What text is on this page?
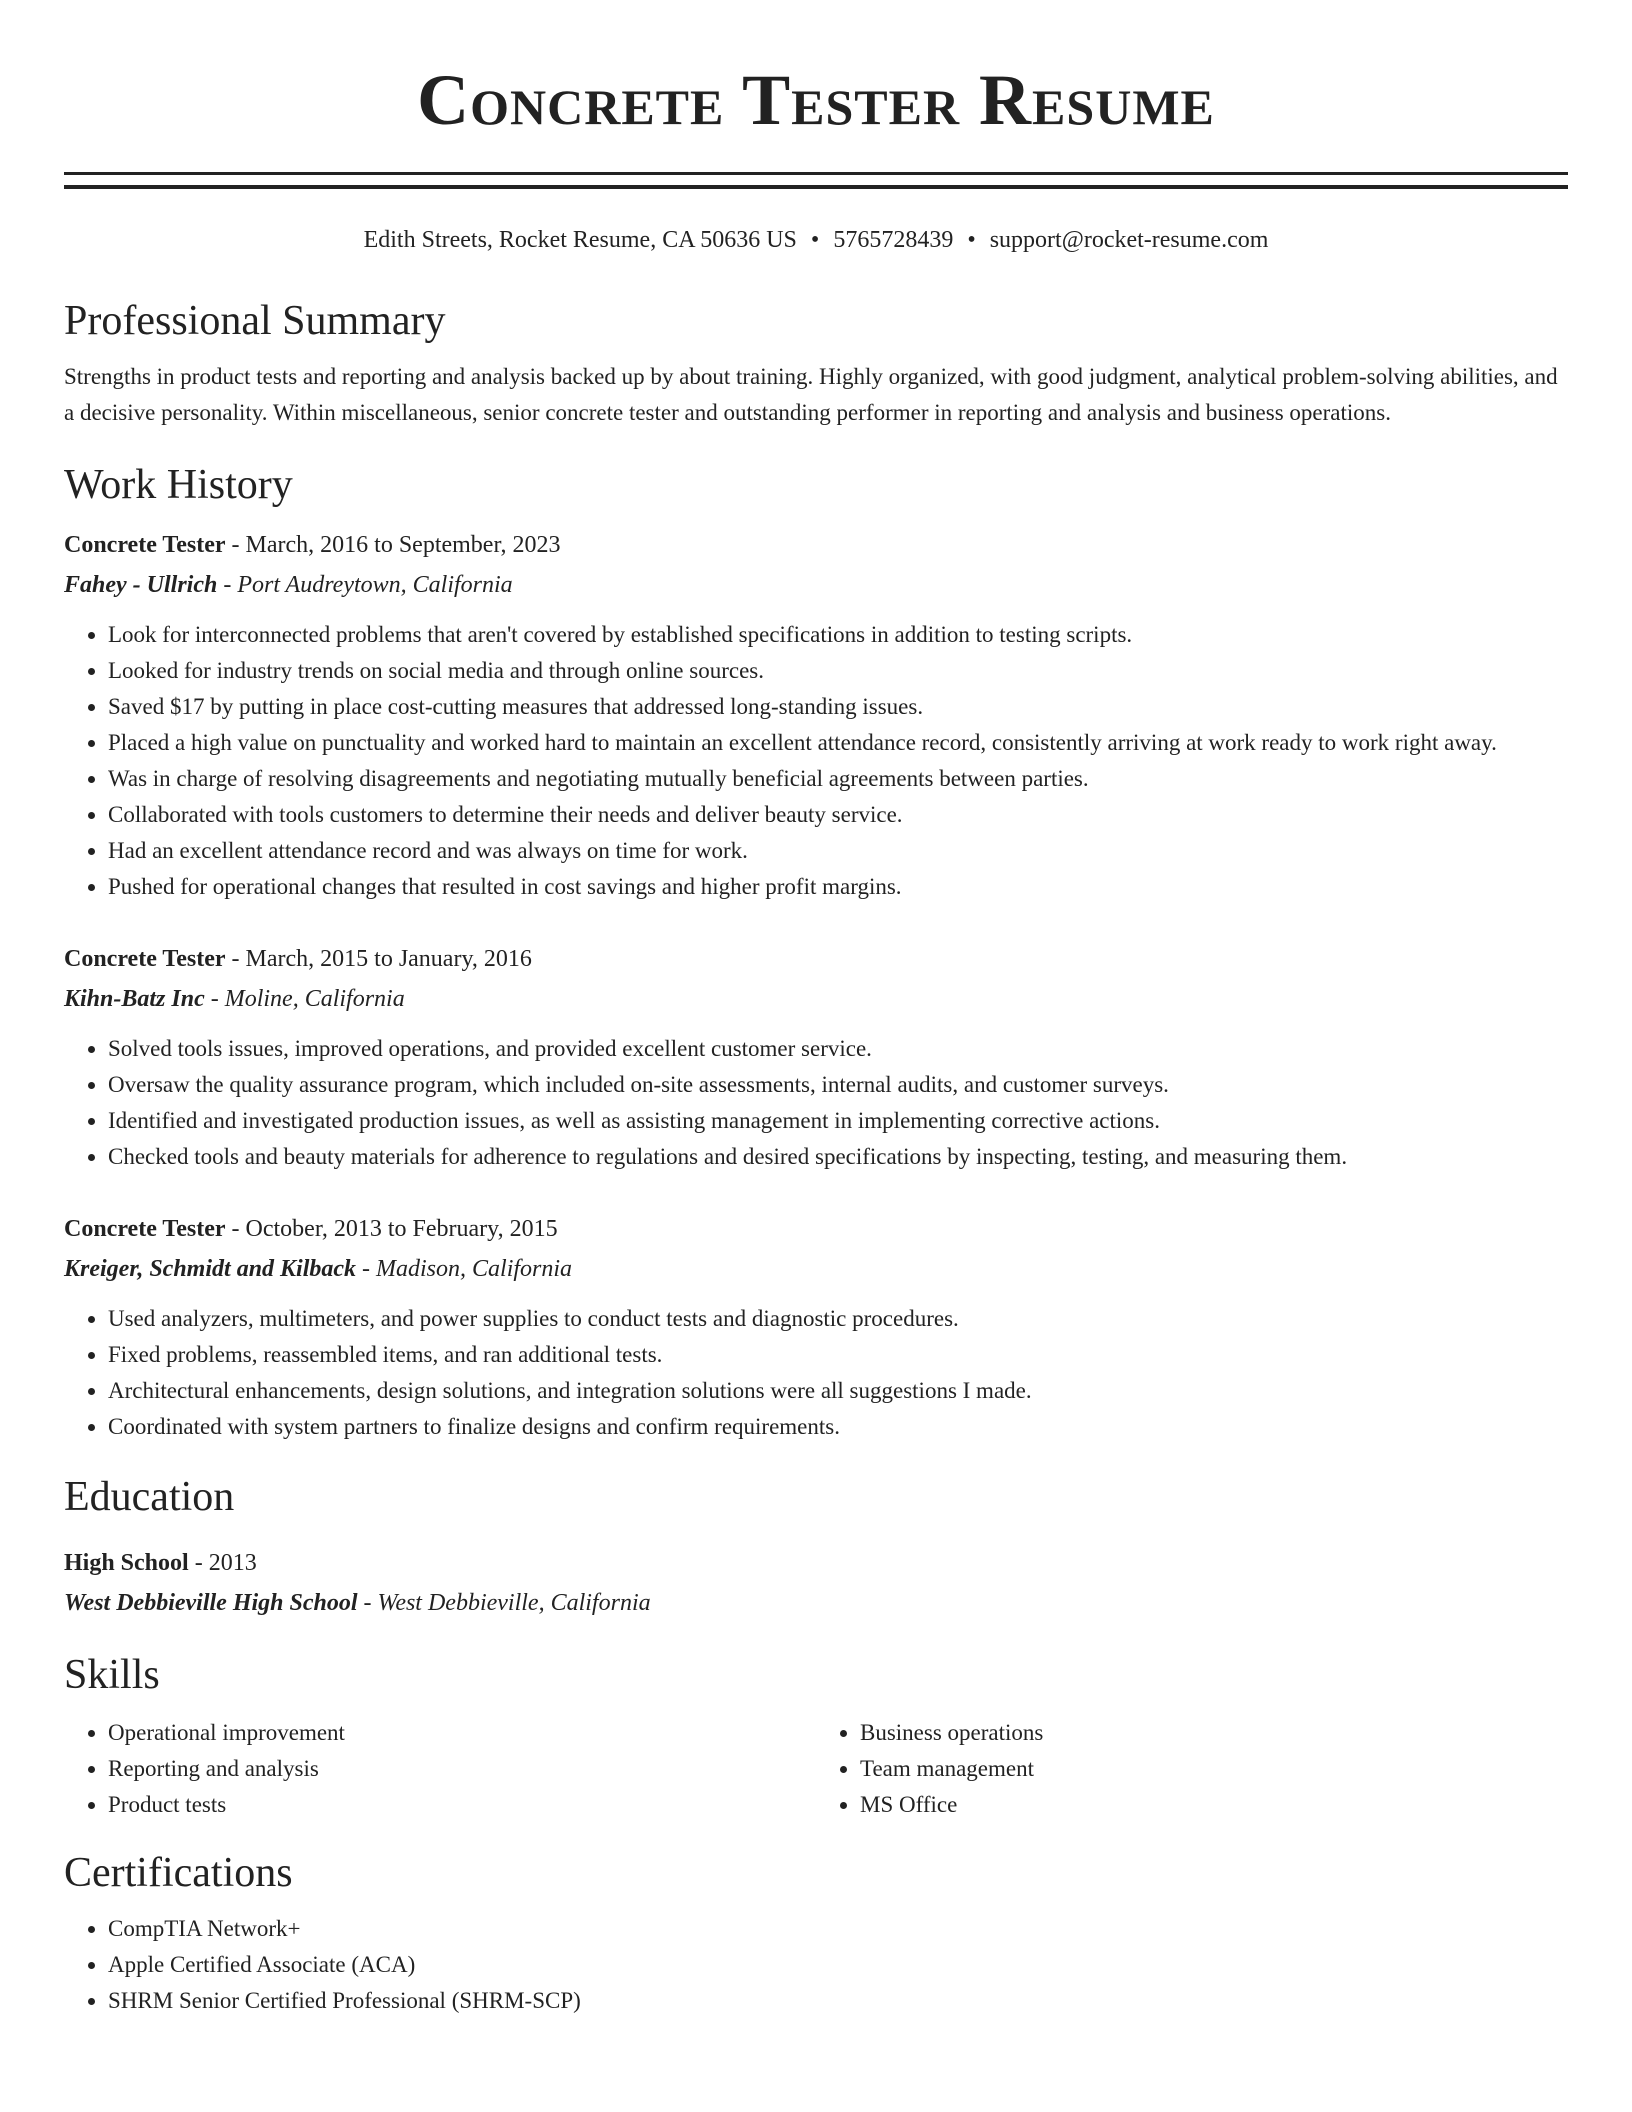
Concrete Tester Resume
Edith Streets, Rocket Resume, CA 50636 US • 5765728439 • support@rocket-resume.com
Professional Summary

Strengths in product tests and reporting and analysis backed up by about training. Highly organized, with good judgment, analytical problem-solving abilities, and a decisive personality. Within miscellaneous, senior concrete tester and outstanding performer in reporting and analysis and business operations.

Work History
Concrete Tester - March, 2016 to September, 2023
Fahey - Ullrich - Port Audreytown, California
• Look for interconnected problems that aren't covered by established specifications in addition to testing scripts.
• Looked for industry trends on social media and through online sources.
• Saved $17 by putting in place cost-cutting measures that addressed long-standing issues.
• Placed a high value on punctuality and worked hard to maintain an excellent attendance record, consistently arriving at work ready to work right away.
• Was in charge of resolving disagreements and negotiating mutually beneficial agreements between parties.
• Collaborated with tools customers to determine their needs and deliver beauty service.
• Had an excellent attendance record and was always on time for work.
• Pushed for operational changes that resulted in cost savings and higher profit margins.
Concrete Tester - March, 2015 to January, 2016
Kihn-Batz Inc - Moline, California
• Solved tools issues, improved operations, and provided excellent customer service.
• Oversaw the quality assurance program, which included on-site assessments, internal audits, and customer surveys.
• Identified and investigated production issues, as well as assisting management in implementing corrective actions.
• Checked tools and beauty materials for adherence to regulations and desired specifications by inspecting, testing, and measuring them.
Concrete Tester - October, 2013 to February, 2015
Kreiger, Schmidt and Kilback - Madison, California
• Used analyzers, multimeters, and power supplies to conduct tests and diagnostic procedures.
• Fixed problems, reassembled items, and ran additional tests.
• Architectural enhancements, design solutions, and integration solutions were all suggestions I made.
• Coordinated with system partners to finalize designs and confirm requirements.
Education
High School - 2013
West Debbieville High School - West Debbieville, California
Skills
• Operational improvement
• Reporting and analysis
• Product tests
• Business operations
• Team management
• MS Office
Certifications
• CompTIA Network+
• Apple Certified Associate (ACA)
• SHRM Senior Certified Professional (SHRM-SCP)
